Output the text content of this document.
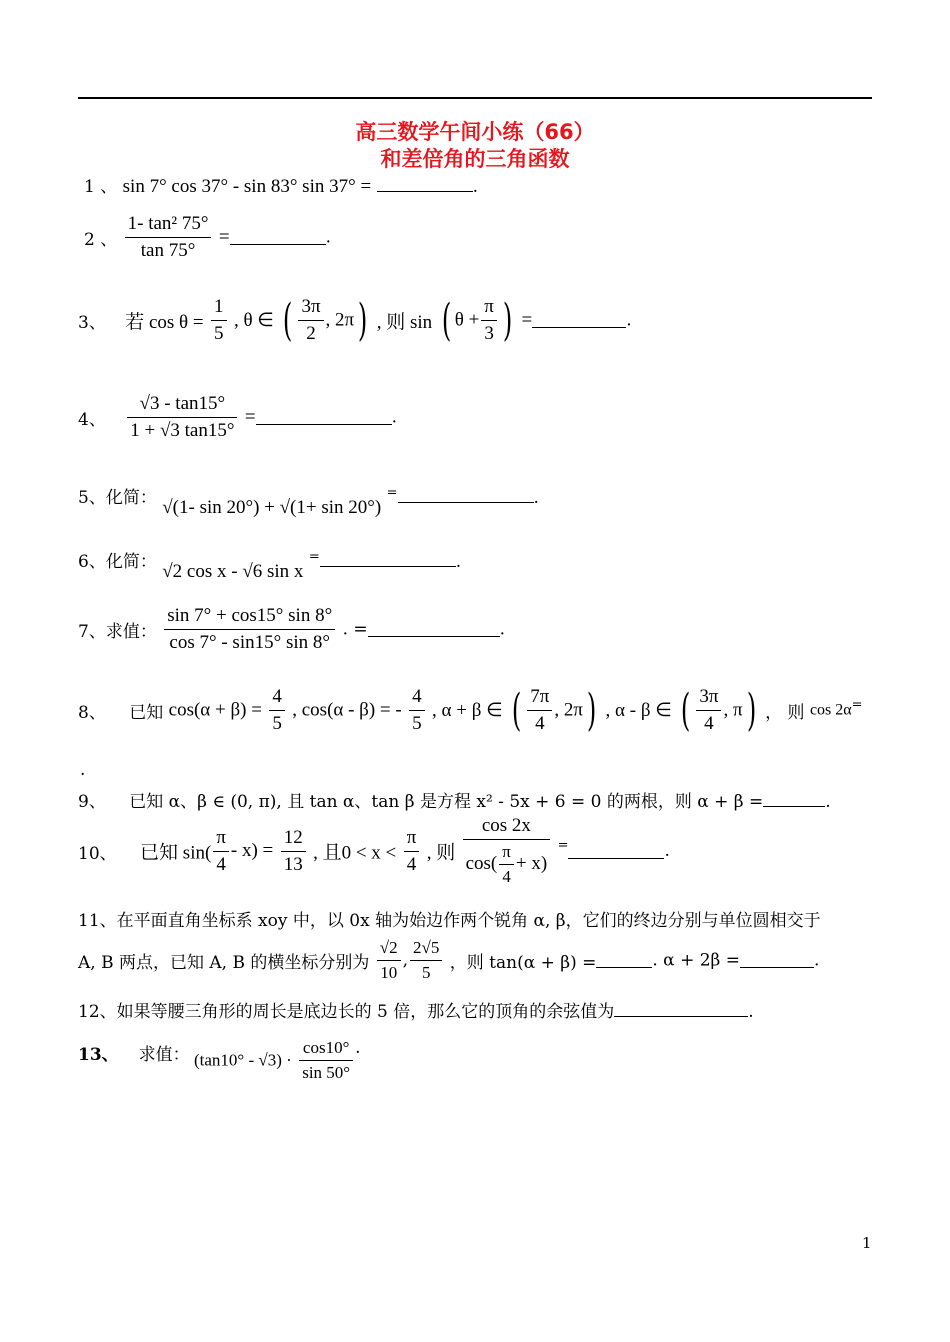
高三数学午间小练（66）
和差倍角的三角函数
1 、 sin 7° cos 37° - sin 83° sin 37° =	.
2 、 $\frac{\text{1- tan² 75°}}{\tan 75^\circ}$ =	.
3、 若 $\cos \theta = \frac{1}{5}$ , θ ∈ ( $\frac{3\pi}{2}$ , 2π) , 则 sin ( $\theta + \frac{\pi}{3}$ ) =	.
4、 $\frac{√3 - \tan 15^\circ}{1 + √3 \tan 15^\circ}$ =	.
5、化简： √(1- sin 20°) + √(1+ sin 20°) =	.
6、化简： √2 cos x - √6 sin x =	.
7、求值： $\frac{\sin 7^\circ + \cos 15^\circ \sin 8^\circ}{\cos 7^\circ - \sin 15^\circ \sin 8^\circ}$ . =	.
8、 已知 $\cos(\alpha + \beta) = \frac{4}{5}$ , cos(α - β) = - $\frac{4}{5}$ , α + β ∈ ( $\frac{7\pi}{4}$ , 2π) , α - β ∈ ( $\frac{3\pi}{4}$ , π) ， 则 cos 2α=
.
9、 已知 α、β ∈ (0, π), 且 tan α、tan β 是方程 x² - 5x + 6 = 0 的两根，则 α + β =	.
10、 已知 $\sin( \frac{\pi}{4} - x) = \frac{12}{13}$ , 且$0 < x < \frac{\pi}{4}$ , 则 $\frac{\cos 2x}{\cos( \frac{\pi}{4} + x)} ^=$	.
11、在平面直角坐标系 xoy 中，以 0x 轴为始边作两个锐角 α, β，它们的终边分别与单位圆相交于
A, B 两点，已知 A, B 的横坐标分别为 $\frac{√2}{10}$ , $\frac{2√5}{5}$ ，则 tan(α + β) =	. α + 2β =	.
12、如果等腰三角形的周长是底边长的 5 倍，那么它的顶角的余弦值为	.
13、 求值： $(\tan 10^\circ - √3) \cdot \frac{\cos 10^\circ}{\sin 50^\circ}$ .
1
